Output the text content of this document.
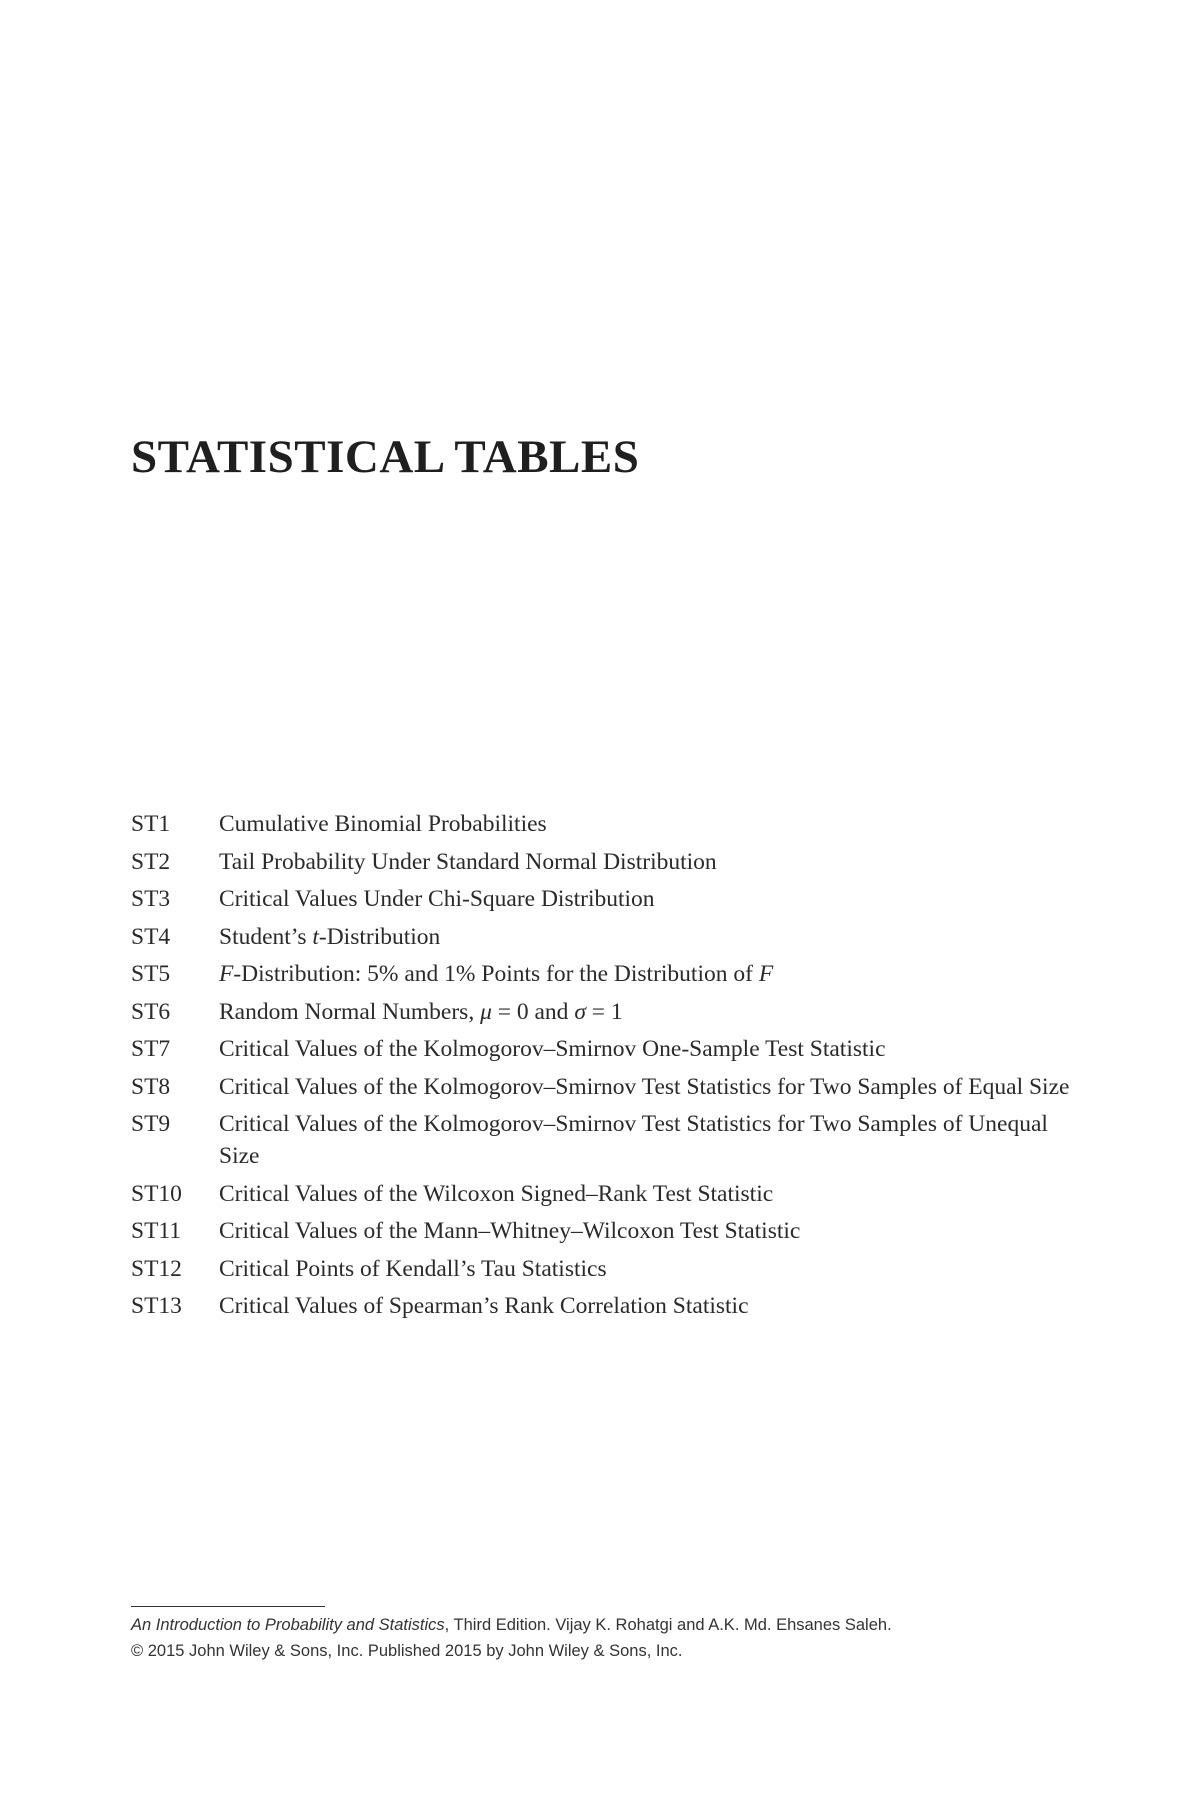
STATISTICAL TABLES
ST1	Cumulative Binomial Probabilities
ST2	Tail Probability Under Standard Normal Distribution
ST3	Critical Values Under Chi-Square Distribution
ST4	Student’s t-Distribution
ST5	F-Distribution: 5% and 1% Points for the Distribution of F
ST6	Random Normal Numbers, μ = 0 and σ = 1
ST7	Critical Values of the Kolmogorov–Smirnov One-Sample Test Statistic
ST8	Critical Values of the Kolmogorov–Smirnov Test Statistics for Two Samples of Equal Size
ST9	Critical Values of the Kolmogorov–Smirnov Test Statistics for Two Samples of Unequal Size
ST10	Critical Values of the Wilcoxon Signed–Rank Test Statistic
ST11	Critical Values of the Mann–Whitney–Wilcoxon Test Statistic
ST12	Critical Points of Kendall’s Tau Statistics
ST13	Critical Values of Spearman’s Rank Correlation Statistic
An Introduction to Probability and Statistics, Third Edition. Vijay K. Rohatgi and A.K. Md. Ehsanes Saleh.
© 2015 John Wiley & Sons, Inc. Published 2015 by John Wiley & Sons, Inc.
